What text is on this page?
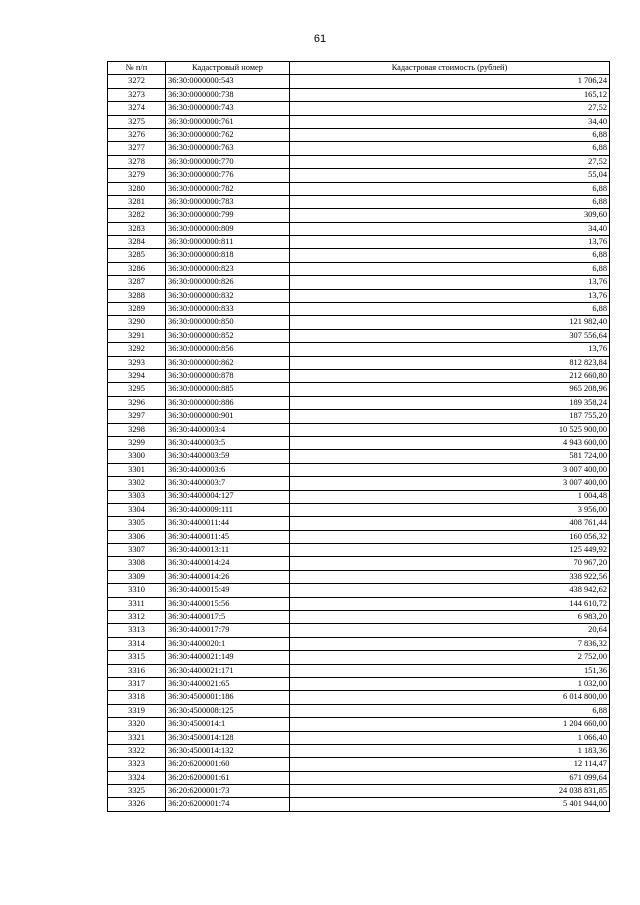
61
№ п/п	Кадастровый номер	Кадастровая стоимость (рублей)
3272	36:30:0000000:543	1 706,24
3273	36:30:0000000:738	165,12
3274	36:30:0000000:743	27,52
3275	36:30:0000000:761	34,40
3276	36:30:0000000:762	6,88
3277	36:30:0000000:763	6,88
3278	36:30:0000000:770	27,52
3279	36:30:0000000:776	55,04
3280	36:30:0000000:782	6,88
3281	36:30:0000000:783	6,88
3282	36:30:0000000:799	309,60
3283	36:30:0000000:809	34,40
3284	36:30:0000000:811	13,76
3285	36:30:0000000:818	6,88
3286	36:30:0000000:823	6,88
3287	36:30:0000000:826	13,76
3288	36:30:0000000:832	13,76
3289	36:30:0000000:833	6,88
3290	36:30:0000000:850	121 982,40
3291	36:30:0000000:852	307 556,64
3292	36:30:0000000:856	13,76
3293	36:30:0000000:862	812 823,84
3294	36:30:0000000:878	212 660,80
3295	36:30:0000000:885	965 208,96
3296	36:30:0000000:886	189 358,24
3297	36:30:0000000:901	187 755,20
3298	36:30:4400003:4	10 525 900,00
3299	36:30:4400003:5	4 943 600,00
3300	36:30:4400003:59	581 724,00
3301	36:30:4400003:6	3 007 400,00
3302	36:30:4400003:7	3 007 400,00
3303	36:30:4400004:127	1 004,48
3304	36:30:4400009:111	3 956,00
3305	36:30:4400011:44	408 761,44
3306	36:30:4400011:45	160 056,32
3307	36:30:4400013:11	125 449,92
3308	36:30:4400014:24	70 967,20
3309	36:30:4400014:26	338 922,56
3310	36:30:4400015:49	438 942,62
3311	36:30:4400015:56	144 610,72
3312	36:30:4400017:5	6 983,20
3313	36:30:4400017:79	20,64
3314	36:30:4400020:1	7 836,32
3315	36:30:4400021:149	2 752,00
3316	36:30:4400021:171	151,36
3317	36:30:4400021:65	1 032,00
3318	36:30:4500001:186	6 014 800,00
3319	36:30:4500008:125	6,88
3320	36:30:4500014:1	1 204 660,00
3321	36:30:4500014:128	1 066,40
3322	36:30:4500014:132	1 183,36
3323	36:20:6200001:60	12 114,47
3324	36:20:6200001:61	671 099,64
3325	36:20:6200001:73	24 038 831,85
3326	36:20:6200001:74	5 401 944,00
